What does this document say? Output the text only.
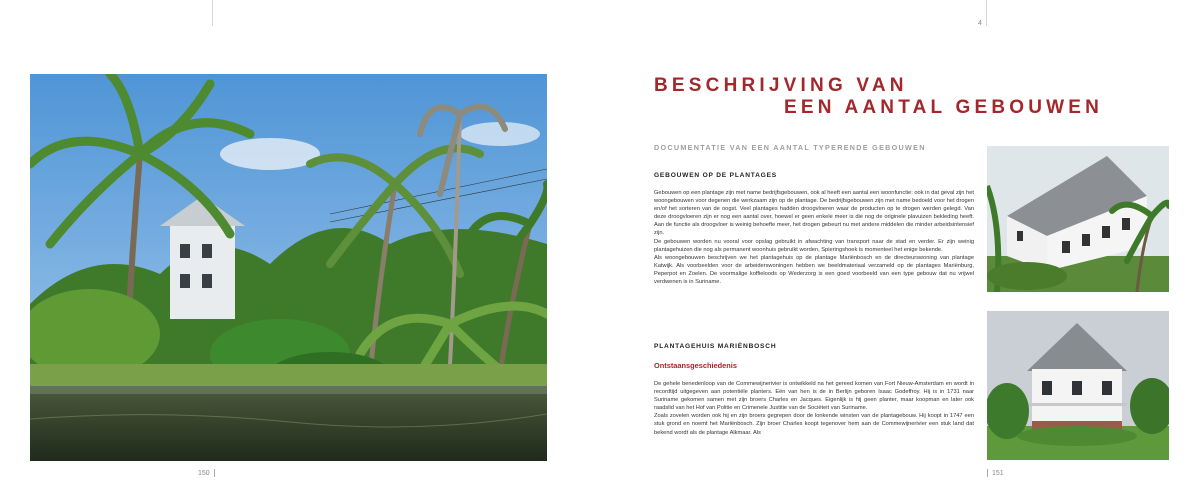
4
150
BESCHRIJVING VAN
EEN AANTAL GEBOUWEN
DOCUMENTATIE VAN EEN AANTAL TYPERENDE GEBOUWEN
GEBOUWEN OP DE PLANTAGES

Gebouwen op een plantage zijn met name bedrijfsgebouwen, ook al heeft een aantal een woonfunctie: ook in dat geval zijn het woongebouwen voor degenen die werkzaam zijn op de plantage. De bedrijfsgebouwen zijn met name bedoeld voor het drogen en/of het sorteren van de oogst. Veel plantages hadden droogvloeren waar de producten op te drogen werden gelegd. Van deze droogvloeren zijn er nog een aantal over, hoewel er geen enkele meer is die nog de originele plavuizen bekleding heeft. Aan de functie als droogvloer is weinig behoefte meer, het drogen gebeurt nu met andere middelen die minder arbeidsintensief zijn.

De gebouwen worden nu vooral voor opslag gebruikt in afwachting van transport naar de stad en verder. Er zijn weinig plantagehuizen die nog als permanent woonhuis gebruikt worden, Spieringshoek is momenteel het enige bekende.

Als woongebouwen beschrijven we het plantagehuis op de plantage Mariënbosch en de directeurswoning van plantage Katwijk. Als voorbeelden voor de arbeiderswoningen hebben we beeldmateriaal verzameld op de plantages Mariënburg, Peperpot en Zoelen. De voormalige koffieloods op Wederzorg is een goed voorbeeld van een type gebouw dat nu vrijwel verdwenen is in Suriname.

PLANTAGEHUIS MARIËNBOSCH
Ontstaansgeschiedenis

De gehele benedenloop van de Commewijnerivier is ontwikkeld na het gereed komen van Fort Nieuw-Amsterdam en wordt in recordtijd uitgegeven aan potentiële planters. Eén van hen is de in Berlijn geboren Isaac Godeffroy. Hij is in 1731 naar Suriname gekomen samen met zijn broers Charles en Jacques. Eigenlijk is hij geen planter, maar koopman en later ook raadslid van het Hof van Politie en Crimenele Justitie van de Sociëteit van Suriname.

Zoals zovelen worden ook hij en zijn broers gegrepen door de lonkende winsten van de plantagebouw. Hij koopt in 1747 een stuk grond en noemt het Mariënbosch. Zijn broer Charles koopt tegenover hem aan de Commewijnerivier een stuk land dat bekend wordt als de plantage Alkmaar. Als

151
